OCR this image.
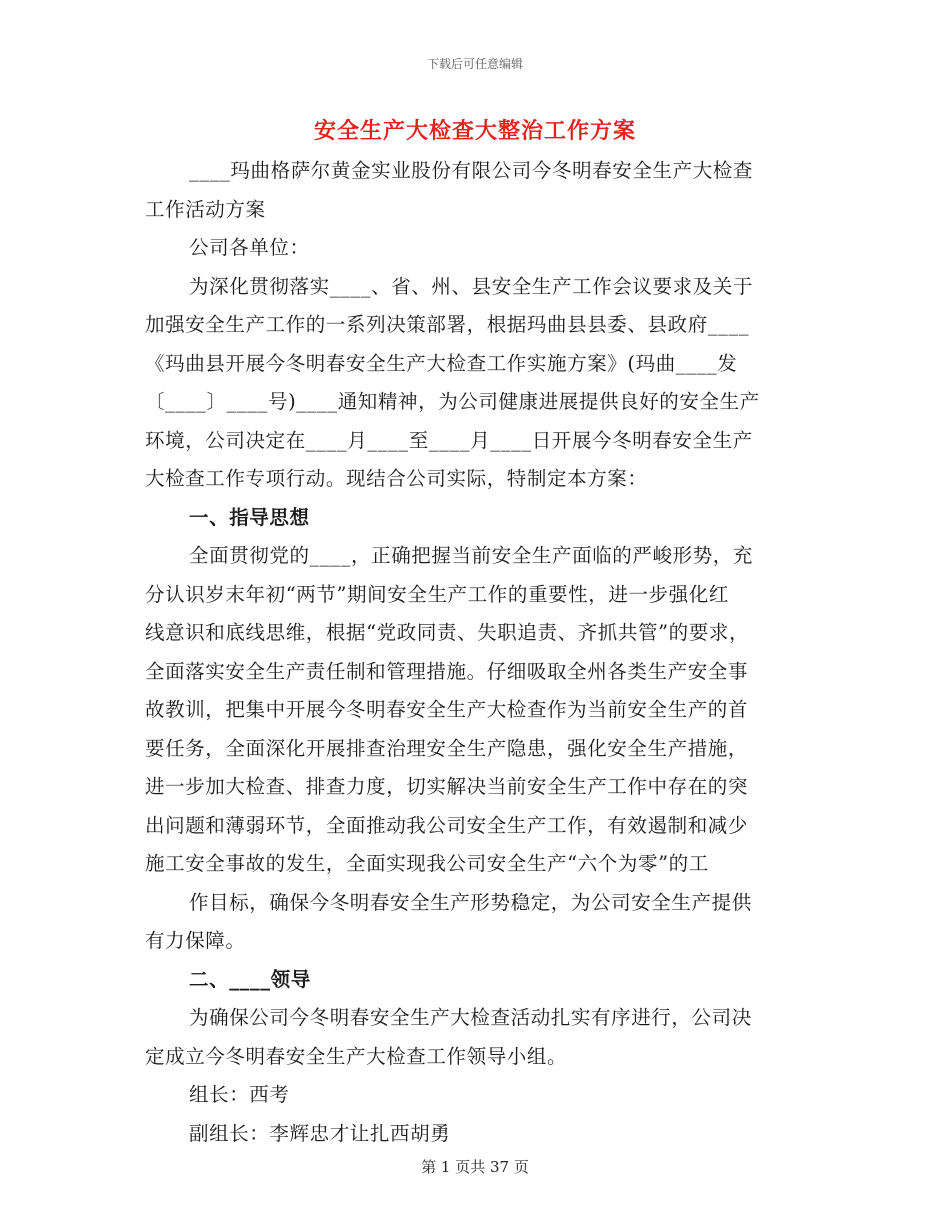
下载后可任意编辑
安全生产大检查大整治工作方案
____玛曲格萨尔黄金实业股份有限公司今冬明春安全生产大检查
工作活动方案
公司各单位：
为深化贯彻落实____、省、州、县安全生产工作会议要求及关于
加强安全生产工作的一系列决策部署，根据玛曲县县委、县政府____
《玛曲县开展今冬明春安全生产大检查工作实施方案》(玛曲____发
〔____〕____号)____通知精神，为公司健康进展提供良好的安全生产
环境，公司决定在____月____至____月____日开展今冬明春安全生产
大检查工作专项行动。现结合公司实际，特制定本方案：
一、指导思想
全面贯彻党的____，正确把握当前安全生产面临的严峻形势，充
分认识岁末年初“两节”期间安全生产工作的重要性，进一步强化红
线意识和底线思维，根据“党政同责、失职追责、齐抓共管”的要求，
全面落实安全生产责任制和管理措施。仔细吸取全州各类生产安全事
故教训，把集中开展今冬明春安全生产大检查作为当前安全生产的首
要任务，全面深化开展排查治理安全生产隐患，强化安全生产措施，
进一步加大检查、排查力度，切实解决当前安全生产工作中存在的突
出问题和薄弱环节，全面推动我公司安全生产工作，有效遏制和减少
施工安全事故的发生，全面实现我公司安全生产“六个为零”的工
作目标，确保今冬明春安全生产形势稳定，为公司安全生产提供
有力保障。
二、____领导
为确保公司今冬明春安全生产大检查活动扎实有序进行，公司决
定成立今冬明春安全生产大检查工作领导小组。
组长：西考
副组长：李辉忠才让扎西胡勇
第 1 页共 37 页
